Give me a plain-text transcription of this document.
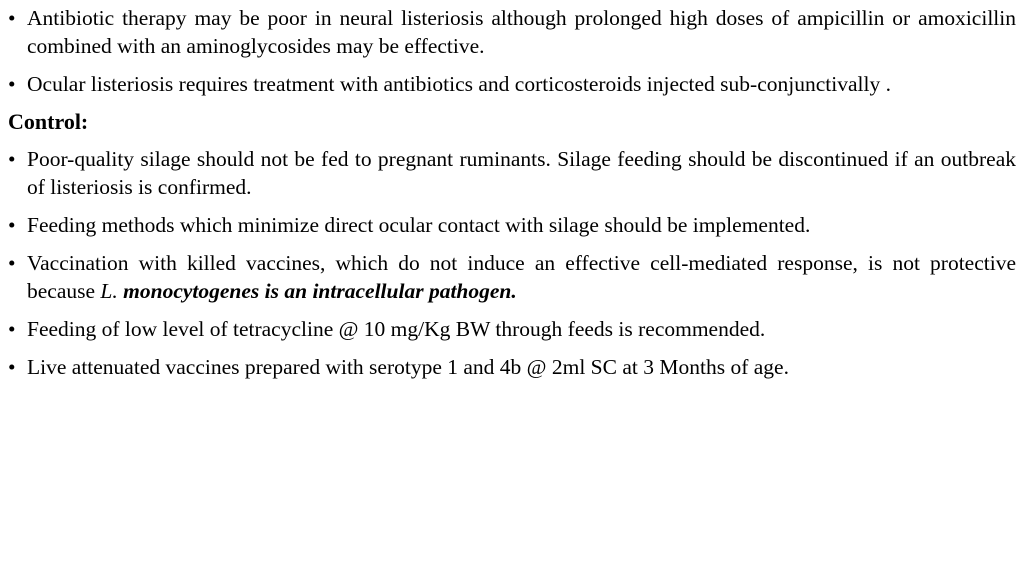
• Antibiotic therapy may be poor in neural listeriosis although prolonged high doses of ampicillin or amoxicillin combined with an aminoglycosides may be effective.
• Ocular listeriosis requires treatment with antibiotics and corticosteroids injected sub-conjunctivally .
Control:
• Poor-quality silage should not be fed to pregnant ruminants. Silage feeding should be discontinued if an outbreak of listeriosis is confirmed.
• Feeding methods which minimize direct ocular contact with silage should be implemented.
• Vaccination with killed vaccines, which do not induce an effective cell-mediated response, is not protective because L. monocytogenes is an intracellular pathogen.
• Feeding of low level of tetracycline @ 10 mg/Kg BW through feeds is recommended.
• Live attenuated vaccines prepared with serotype 1 and 4b @ 2ml SC at 3 Months of age.
